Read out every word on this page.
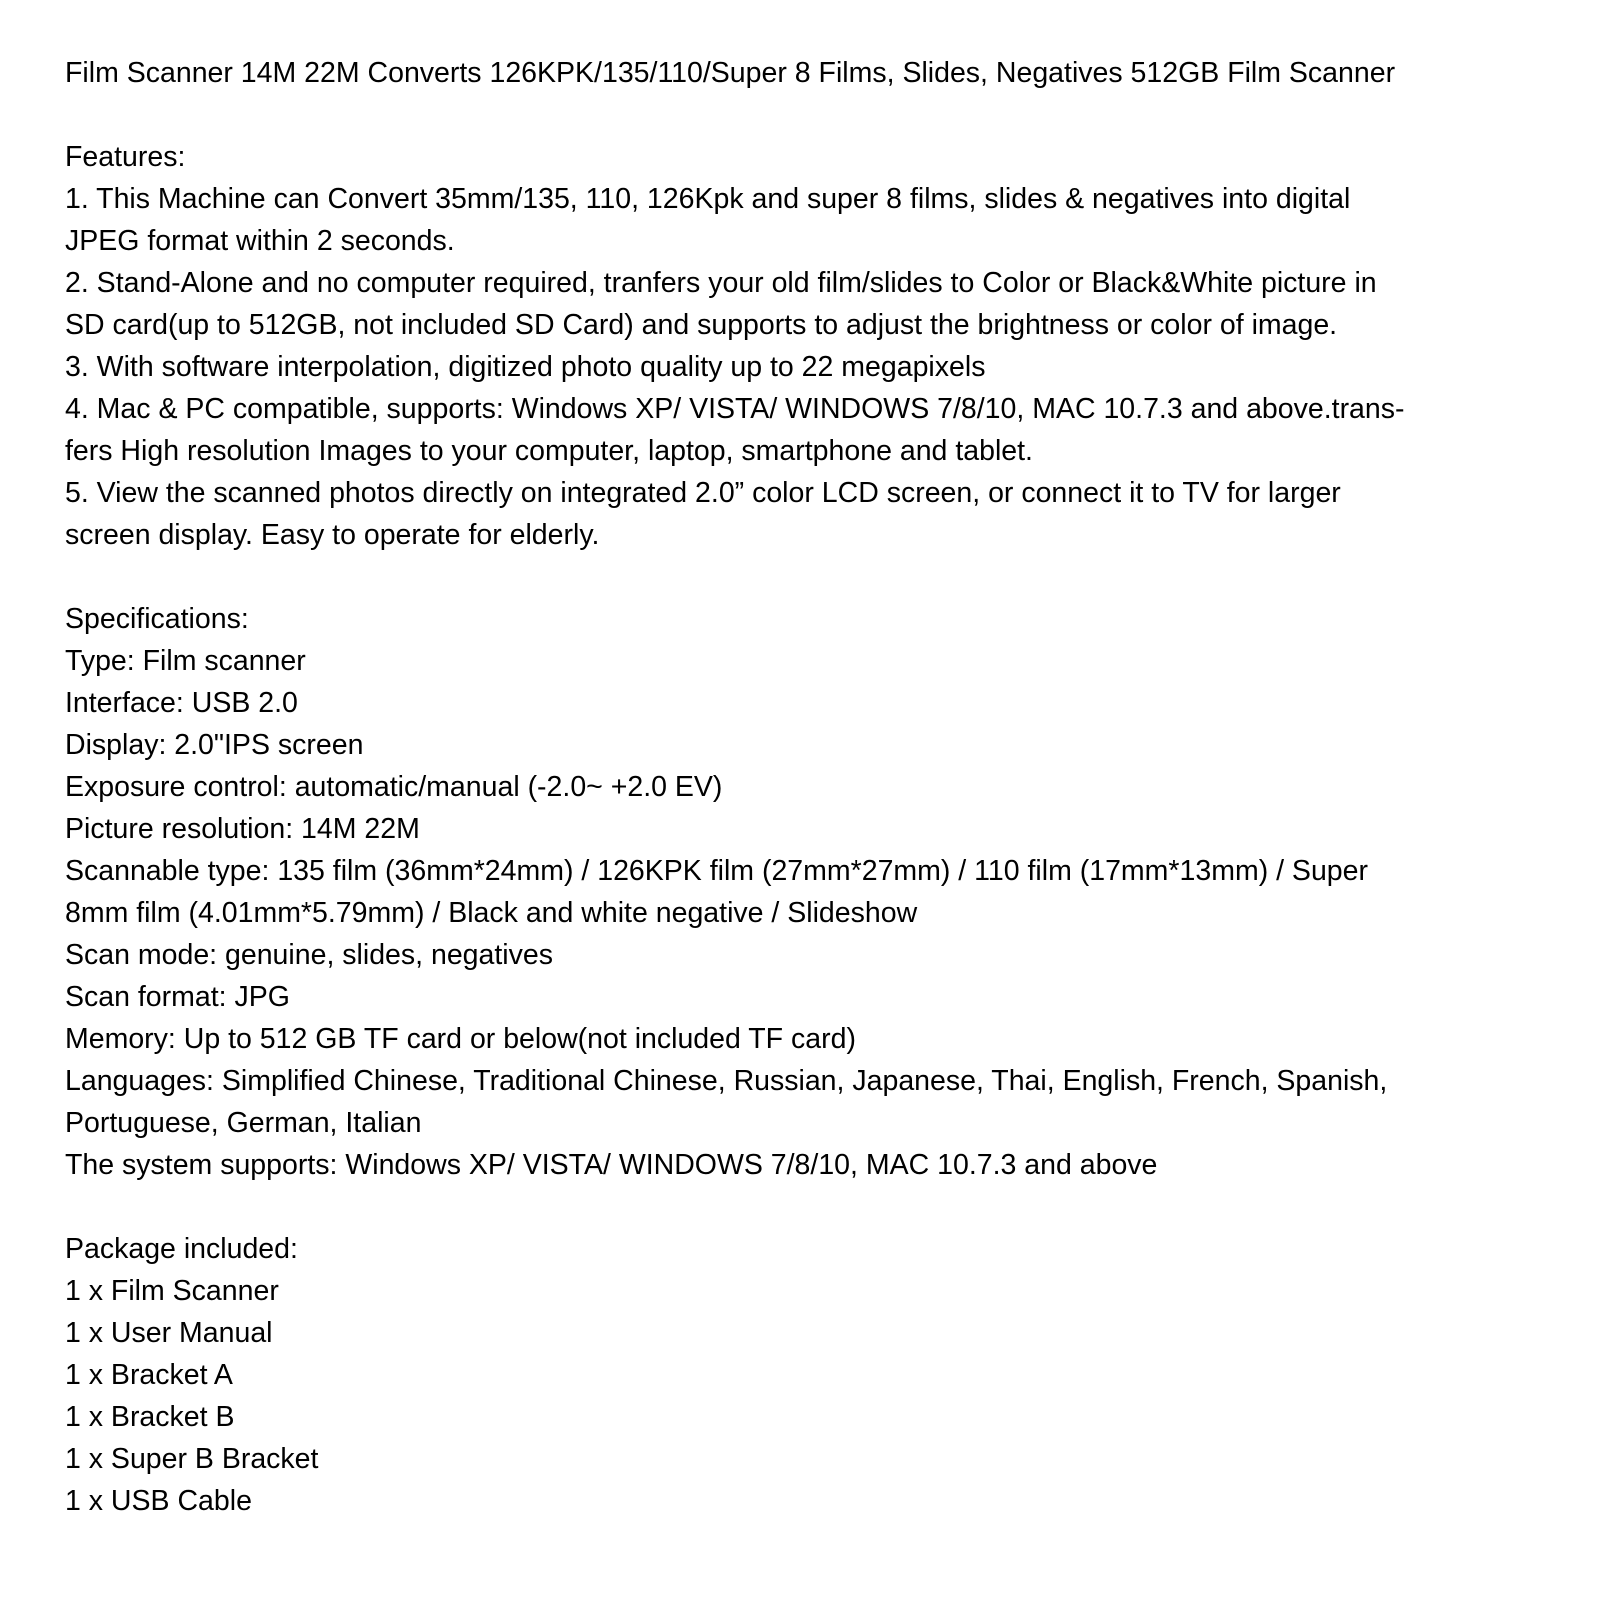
Film Scanner 14M 22M Converts 126KPK/135/110/Super 8 Films, Slides, Negatives 512GB Film Scanner
Features:
1. This Machine can Convert 35mm/135, 110, 126Kpk and super 8 films, slides & negatives into digital
JPEG format within 2 seconds.
2. Stand-Alone and no computer required, tranfers your old film/slides to Color or Black&White picture in
SD card(up to 512GB, not included SD Card) and supports to adjust the brightness or color of image.
3. With software interpolation, digitized photo quality up to 22 megapixels
4. Mac & PC compatible, supports: Windows XP/ VISTA/ WINDOWS 7/8/10, MAC 10.7.3 and above.trans-
fers High resolution Images to your computer, laptop, smartphone and tablet.
5. View the scanned photos directly on integrated 2.0” color LCD screen, or connect it to TV for larger
screen display. Easy to operate for elderly.
Specifications:
Type: Film scanner
Interface: USB 2.0
Display: 2.0"IPS screen
Exposure control: automatic/manual (-2.0~ +2.0 EV)
Picture resolution: 14M 22M
Scannable type: 135 film (36mm*24mm) / 126KPK film (27mm*27mm) / 110 film (17mm*13mm) / Super
8mm film (4.01mm*5.79mm) / Black and white negative / Slideshow
Scan mode: genuine, slides, negatives
Scan format: JPG
Memory: Up to 512 GB TF card or below(not included TF card)
Languages: Simplified Chinese, Traditional Chinese, Russian, Japanese, Thai, English, French, Spanish,
Portuguese, German, Italian
The system supports: Windows XP/ VISTA/ WINDOWS 7/8/10, MAC 10.7.3 and above
Package included:
1 x Film Scanner
1 x User Manual
1 x Bracket A
1 x Bracket B
1 x Super B Bracket
1 x USB Cable
